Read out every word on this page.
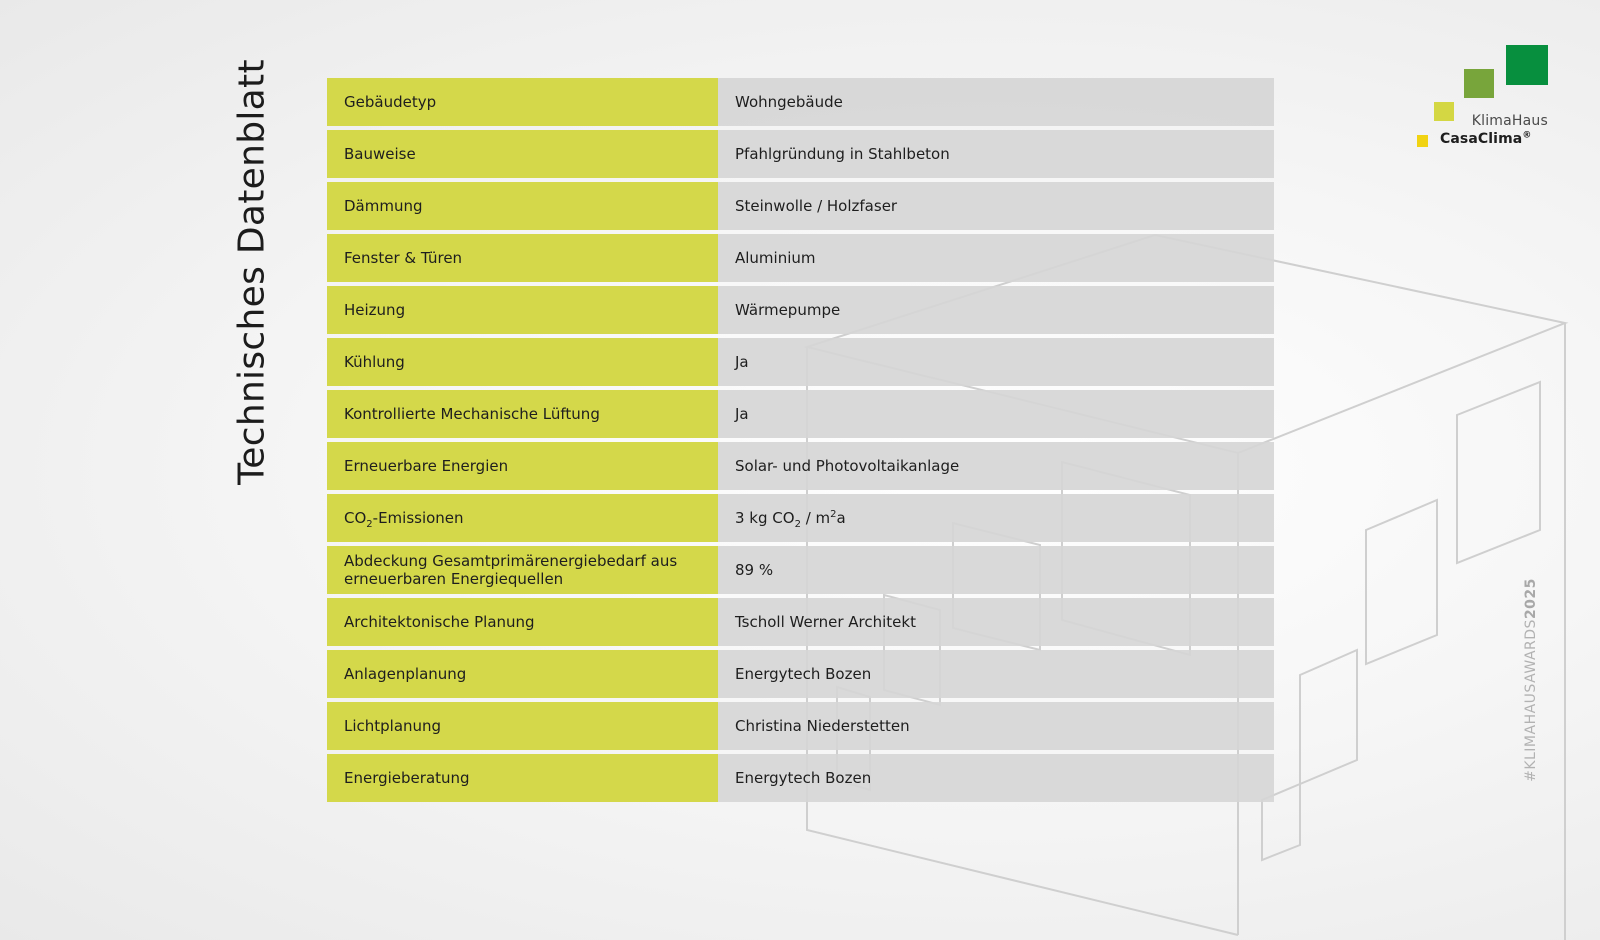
Technisches Datenblatt	Gebäudetyp	Wohngebäude
Bauweise	Pfahlgründung in Stahlbeton
Dämmung	Steinwolle / Holzfaser
Fenster & Türen	Aluminium
Heizung	Wärmepumpe
Kühlung	Ja
Kontrollierte Mechanische Lüftung	Ja
Erneuerbare Energien	Solar- und Photovoltaikanlage
$CO_2$-Emissionen	3 kg $CO_2 / m^2a$
Abdeckung Gesamtprimärenergiebedarf aus erneuerbaren Energiequellen	89 %
Architektonische Planung	Tscholl Werner Architekt
Anlagenplanung	Energytech Bozen
Lichtplanung	Christina Niederstetten
Energieberatung	Energytech Bozen
KlimaHaus
CasaClima®
#KLIMAHAUSAWARDS2025
